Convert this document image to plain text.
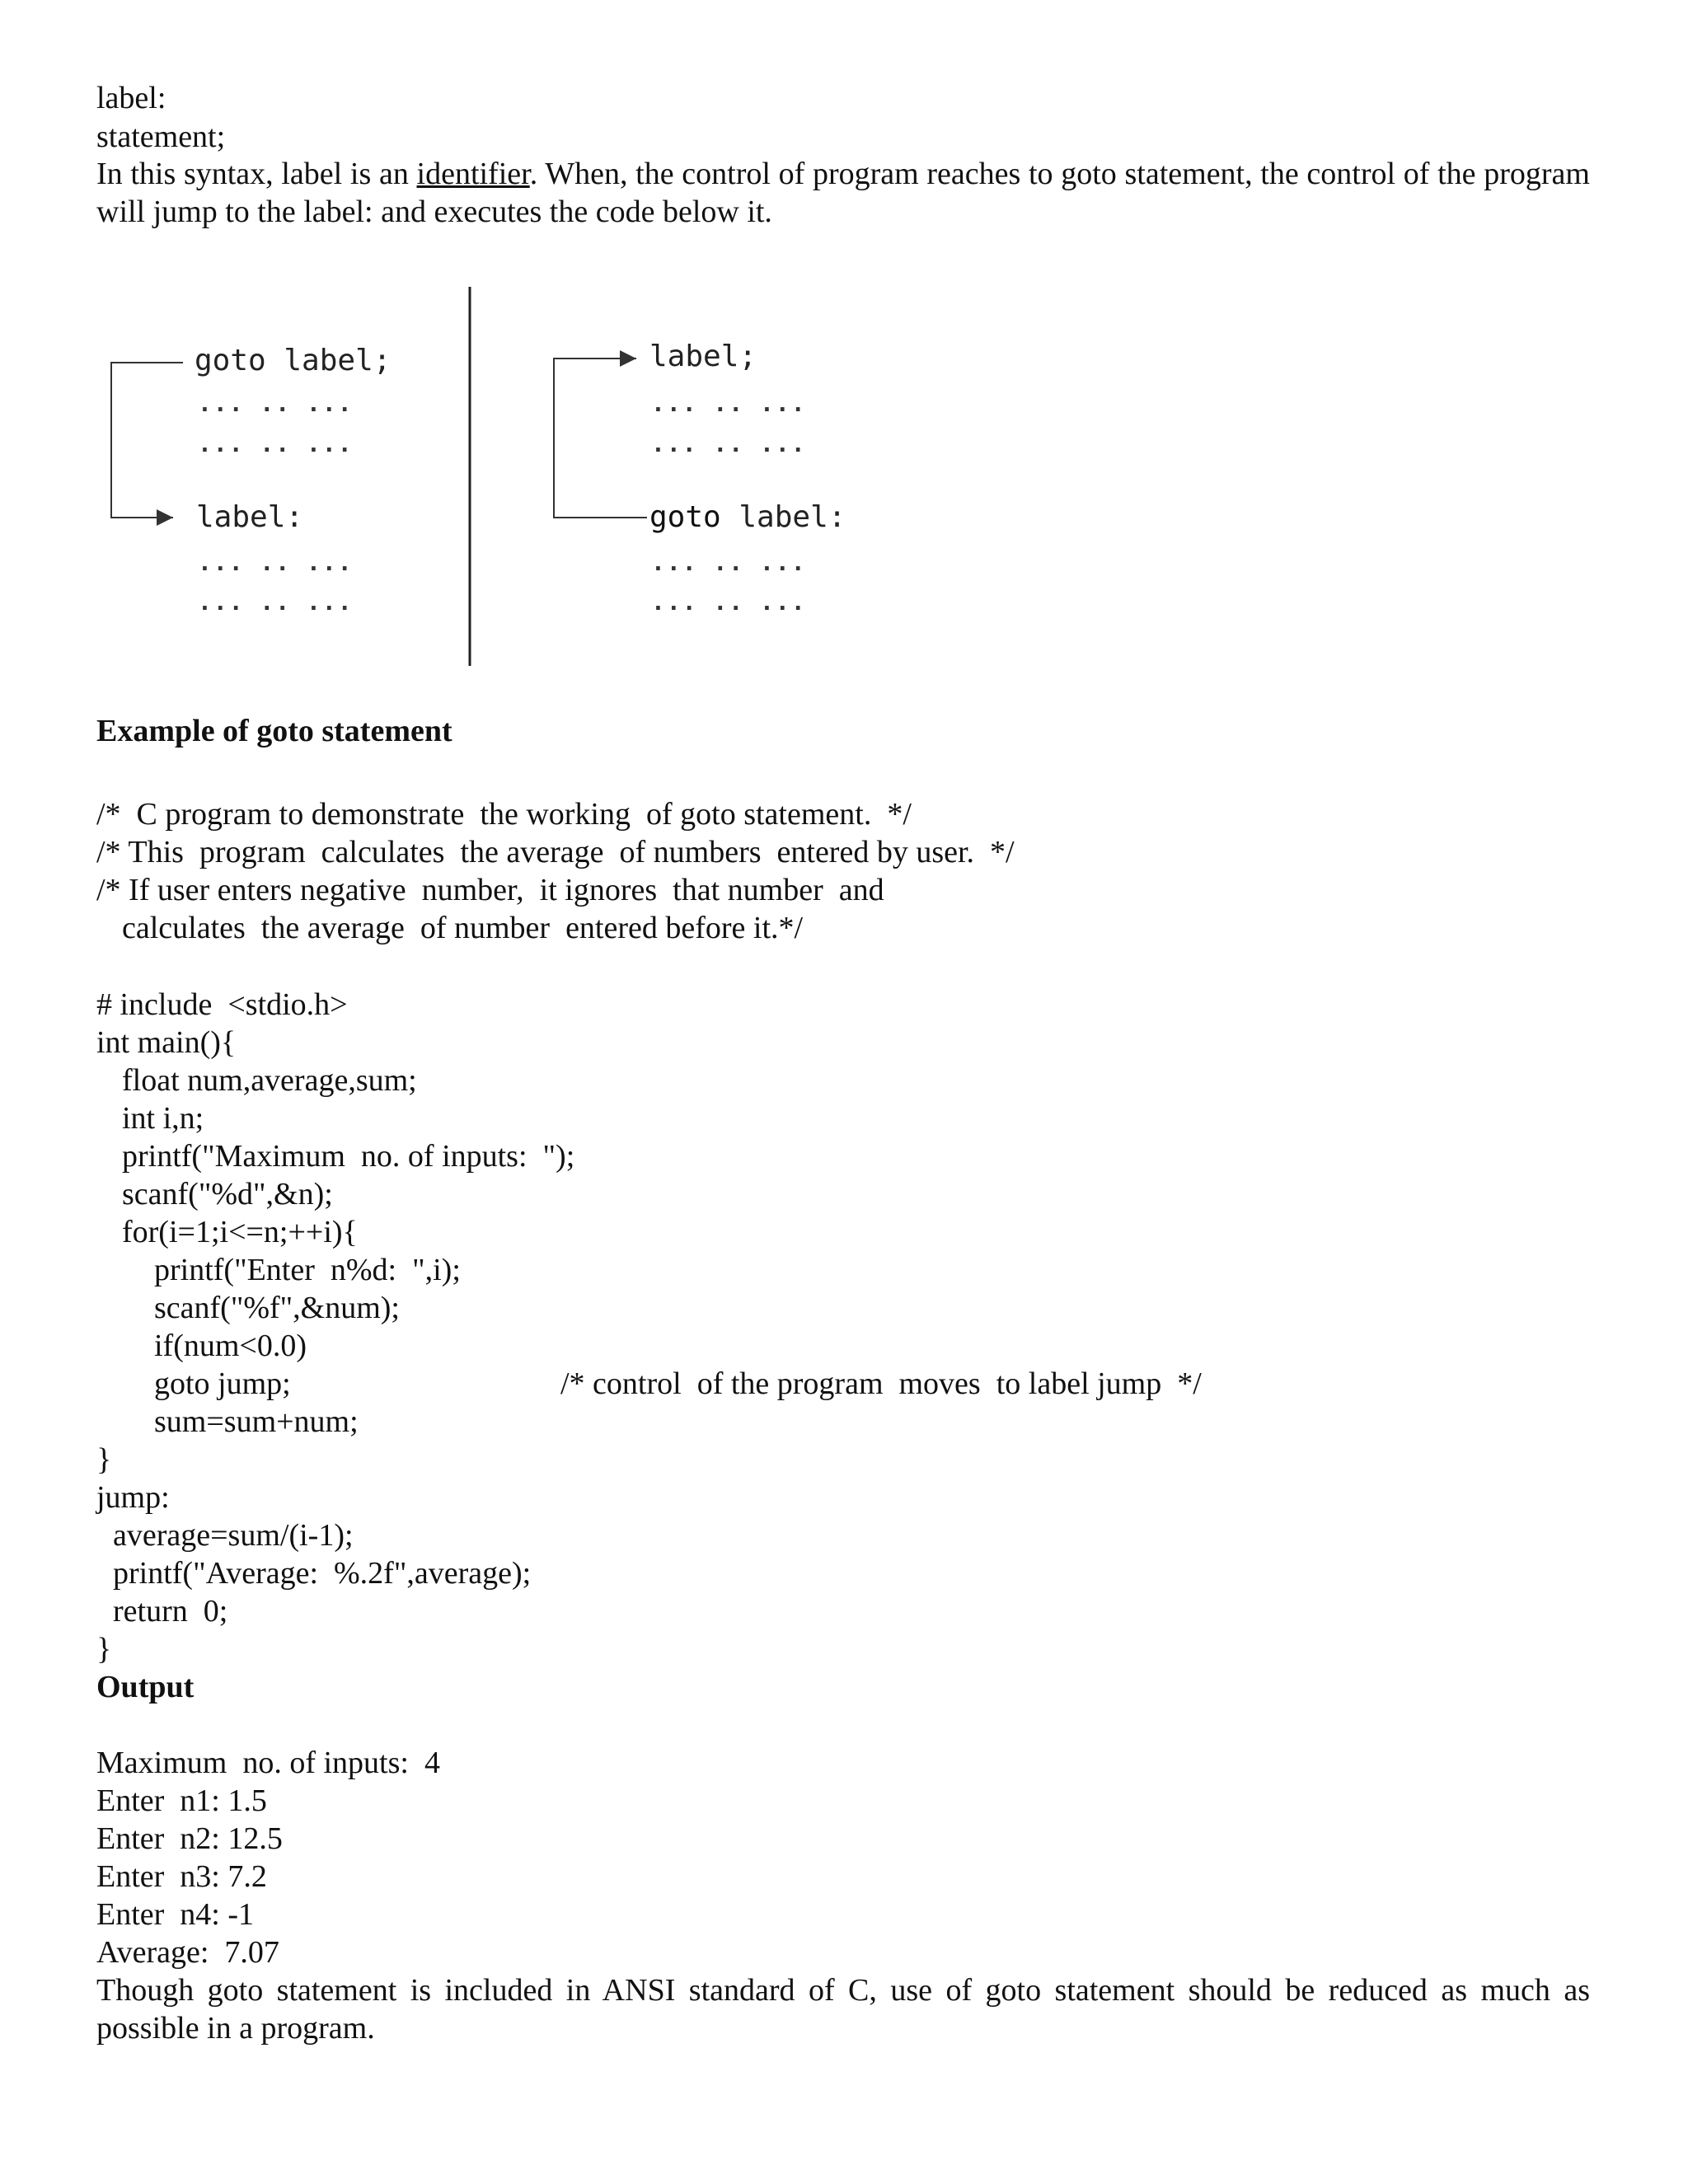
label:
statement;
In this syntax, label is an identifier. When, the control of program reaches to goto statement, the control of the program will jump to the label: and executes the code below it.
goto label;
... .. ...
... .. ...
label:
... .. ...
... .. ...
label;
... .. ...
... .. ...
goto label:
... .. ...
... .. ...
Example of goto statement
/*  C program to demonstrate  the working  of goto statement.  */
/* This  program  calculates  the average  of numbers  entered by user.  */
/* If user enters negative  number,  it ignores  that number  and
calculates  the average  of number  entered before it.*/
# include  <stdio.h>
int main(){
float num,average,sum;
int i,n;
printf("Maximum  no. of inputs:  ");
scanf("%d",&n);
for(i=1;i<=n;++i){
printf("Enter  n%d:  ",i);
scanf("%f",&num);
if(num<0.0)
goto jump;	/* control  of the program  moves  to label jump  */
sum=sum+num;
}
jump:
average=sum/(i-1);
printf("Average:  %.2f",average);
return  0;
}
Output
Maximum  no. of inputs:  4
Enter  n1: 1.5
Enter  n2: 12.5
Enter  n3: 7.2
Enter  n4: -1
Average:  7.07
Though goto statement is included in ANSI standard of C, use of goto statement should be reduced as much as possible in a program.
